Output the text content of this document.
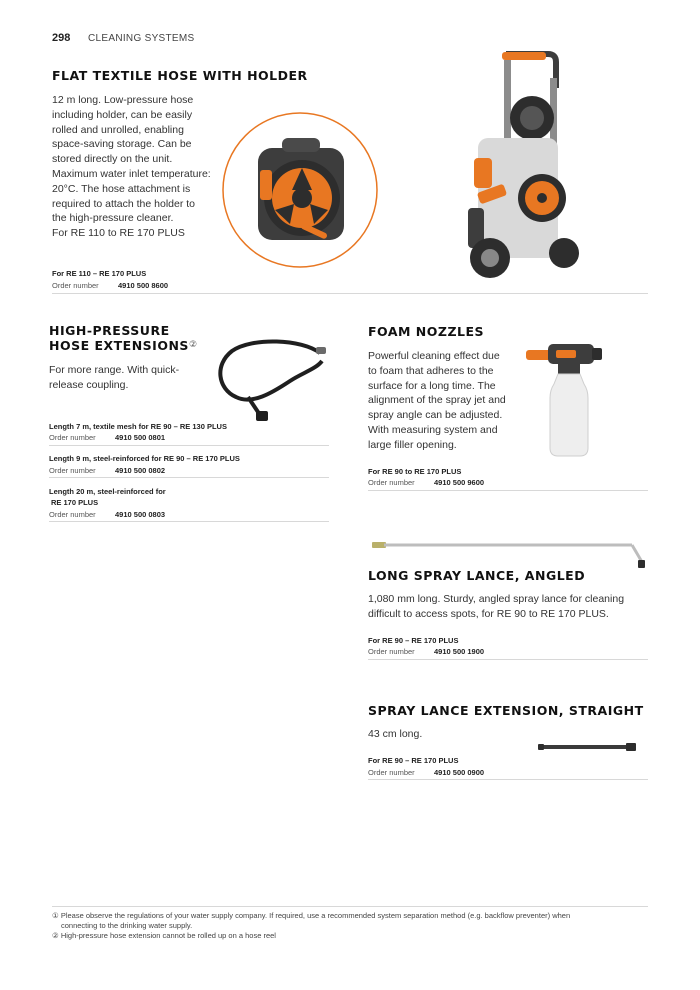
298 CLEANING SYSTEMS
FLAT TEXTILE HOSE WITH HOLDER
12 m long. Low-pressure hose
including holder, can be easily
rolled and unrolled, enabling
space-saving storage. Can be
stored directly on the unit.
Maximum water inlet temperature:
20°C. The hose attachment is
required to attach the holder to
the high-pressure cleaner.
For RE 110 to RE 170 PLUS
For RE 110 – RE 170 PLUS
Order number	4910 500 8600
HIGH-PRESSURE
HOSE EXTENSIONS②
For more range. With quick-
release coupling.
Length 7 m, textile mesh for RE 90 – RE 130 PLUS
Order number	4910 500 0801
Length 9 m, steel-reinforced for RE 90 – RE 170 PLUS
Order number	4910 500 0802
Length 20 m, steel-reinforced for
RE 170 PLUS
Order number	4910 500 0803
FOAM NOZZLES
Powerful cleaning effect due
to foam that adheres to the
surface for a long time. The
alignment of the spray jet and
spray angle can be adjusted.
With measuring system and
large filler opening.
For RE 90 to RE 170 PLUS
Order number	4910 500 9600
LONG SPRAY LANCE, ANGLED
1,080 mm long. Sturdy, angled spray lance for cleaning
difficult to access spots, for RE 90 to RE 170 PLUS.
For RE 90 – RE 170 PLUS
Order number	4910 500 1900
SPRAY LANCE EXTENSION, STRAIGHT
43 cm long.
For RE 90 – RE 170 PLUS
Order number	4910 500 0900
① Please observe the regulations of your water supply company. If required, use a recommended system separation method (e.g. backflow preventer) when
connecting to the drinking water supply.
② High-pressure hose extension cannot be rolled up on a hose reel
